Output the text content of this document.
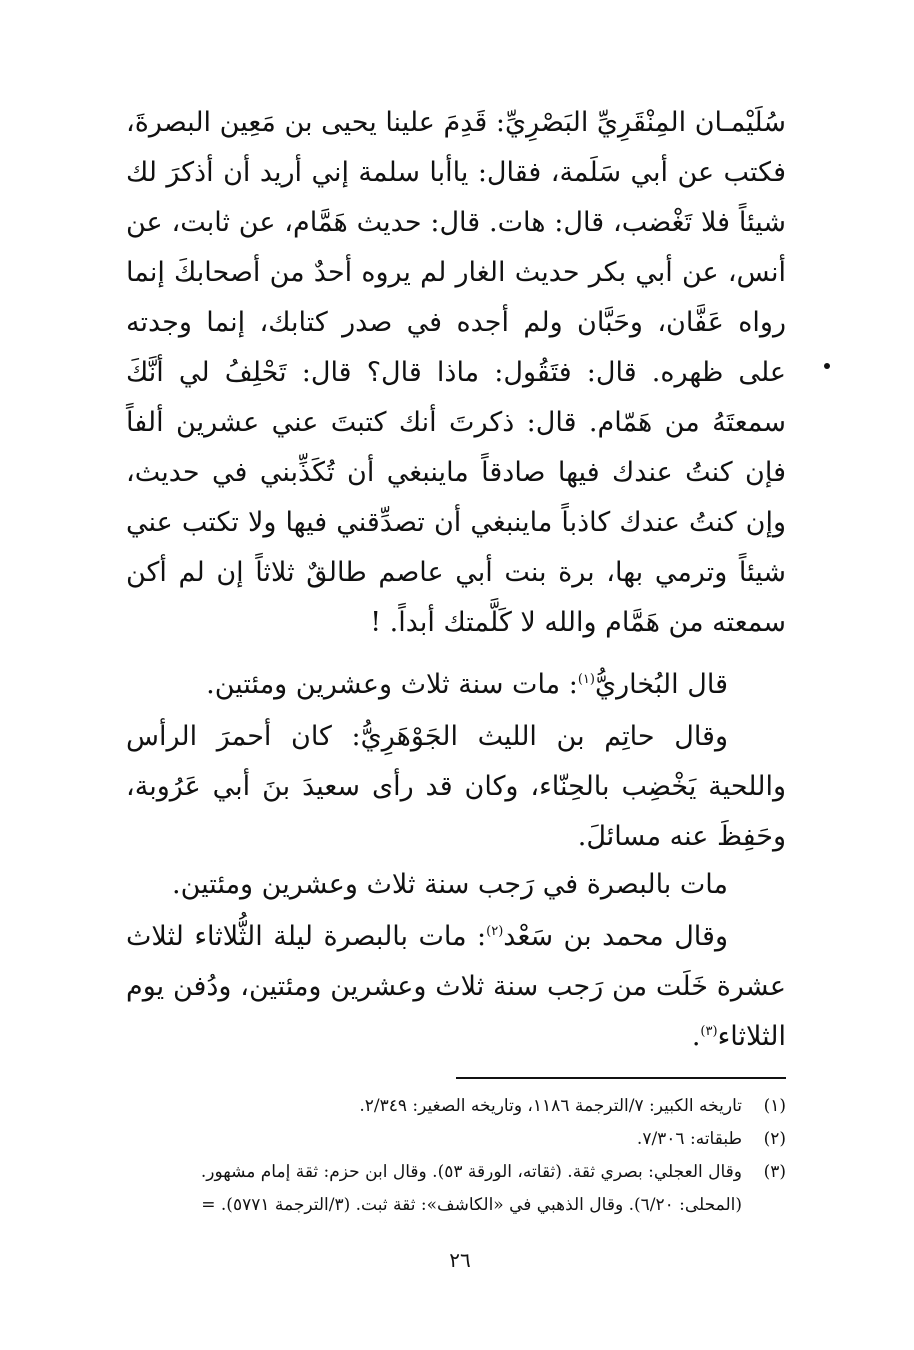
سُلَيْمـان المِنْقَرِيِّ البَصْرِيِّ: قَدِمَ علينا يحيى بن مَعِين البصرةَ، فكتب عن أبي سَلَمة، فقال: ياأبا سلمة إني أريد أن أذكرَ لك شيئاً فلا تَغْضب، قال: هات. قال: حديث هَمَّام، عن ثابت، عن أنس، عن أبي بكر حديث الغار لم يروه أحدٌ من أصحابكَ إنما رواه عَفَّان، وحَبَّان ولم أجده في صدر كتابك، إنما وجدته على ظهره. قال: فتَقُول: ماذا قال؟ قال: تَحْلِفُ لي أنَّكَ سمعتَهُ من هَمّام. قال: ذكرتَ أنك كتبتَ عني عشرين ألفاً فإن كنتُ عندك فيها صادقاً ماينبغي أن تُكَذِّبني في حديث، وإن كنتُ عندك كاذباً ماينبغي أن تصدِّقني فيها ولا تكتب عني شيئاً وترمي بها، برة بنت أبي عاصم طالقٌ ثلاثاً إن لم أكن سمعته من هَمَّام والله لا كَلَّمتك أبداً. !

قال البُخاريُّ$^{(١)}$: مات سنة ثلاث وعشرين ومئتين.

وقال حاتِم بن الليث الجَوْهَرِيُّ: كان أحمرَ الرأس واللحية يَخْضِب بالحِنّاء، وكان قد رأى سعيدَ بنَ أبي عَرُوبة، وحَفِظَ عنه مسائلَ.

مات بالبصرة في رَجب سنة ثلاث وعشرين ومئتين.

وقال محمد بن سَعْد$^{(٢)}$: مات بالبصرة ليلة الثُّلاثاء لثلاث عشرة خَلَت من رَجب سنة ثلاث وعشرين ومئتين، ودُفن يوم الثلاثاء$^{(٣)}$.

(١)
تاريخه الكبير: ٧/الترجمة ١١٨٦، وتاريخه الصغير: ٢/٣٤٩.

(٢)
طبقاته: ٧/٣٠٦.

(٣)
وقال العجلي: بصري ثقة. (ثقاته، الورقة ٥٣). وقال ابن حزم: ثقة إمام مشهور.

(المحلى: ٦/٢٠). وقال الذهبي في «الكاشف»: ثقة ثبت. (٣/الترجمة ٥٧٧١). =

٢٦
